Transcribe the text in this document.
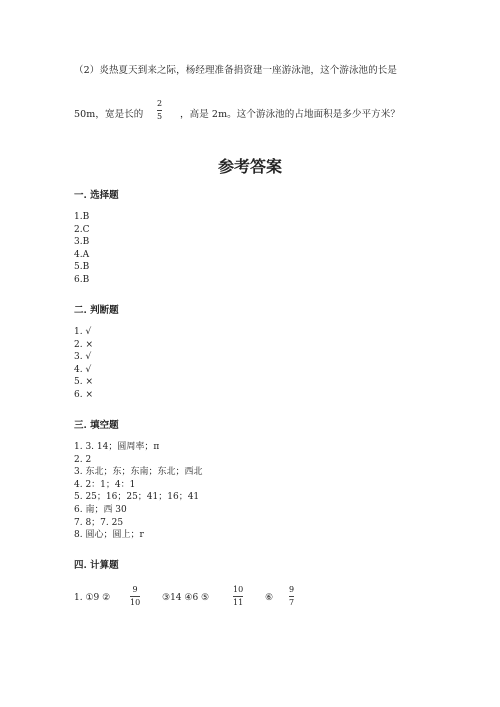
（2）炎热夏天到来之际，杨经理准备捐资建一座游泳池，这个游泳池的长是
50m，宽是长的
2
5 ，高是 2m。这个游泳池的占地面积是多少平方米？
参考答案
一. 选择题
1.B
2.C
3.B
4.A
5.B
6.B
二. 判断题
1. √
2. ×
3. √
4. √
5. ×
6. ×
三. 填空题
1. 3. 14；圆周率；π
2. 2
3. 东北；东；东南；东北；西北
4. 2：1；4：1
5. 25；16；25；41；16；41
6. 南；西 30
7. 8；7. 25
8. 圆心；圆上；r
四. 计算题
1. ①9 ②
9
10 ③14 ④6 ⑤
10
11 ⑥
9
7
